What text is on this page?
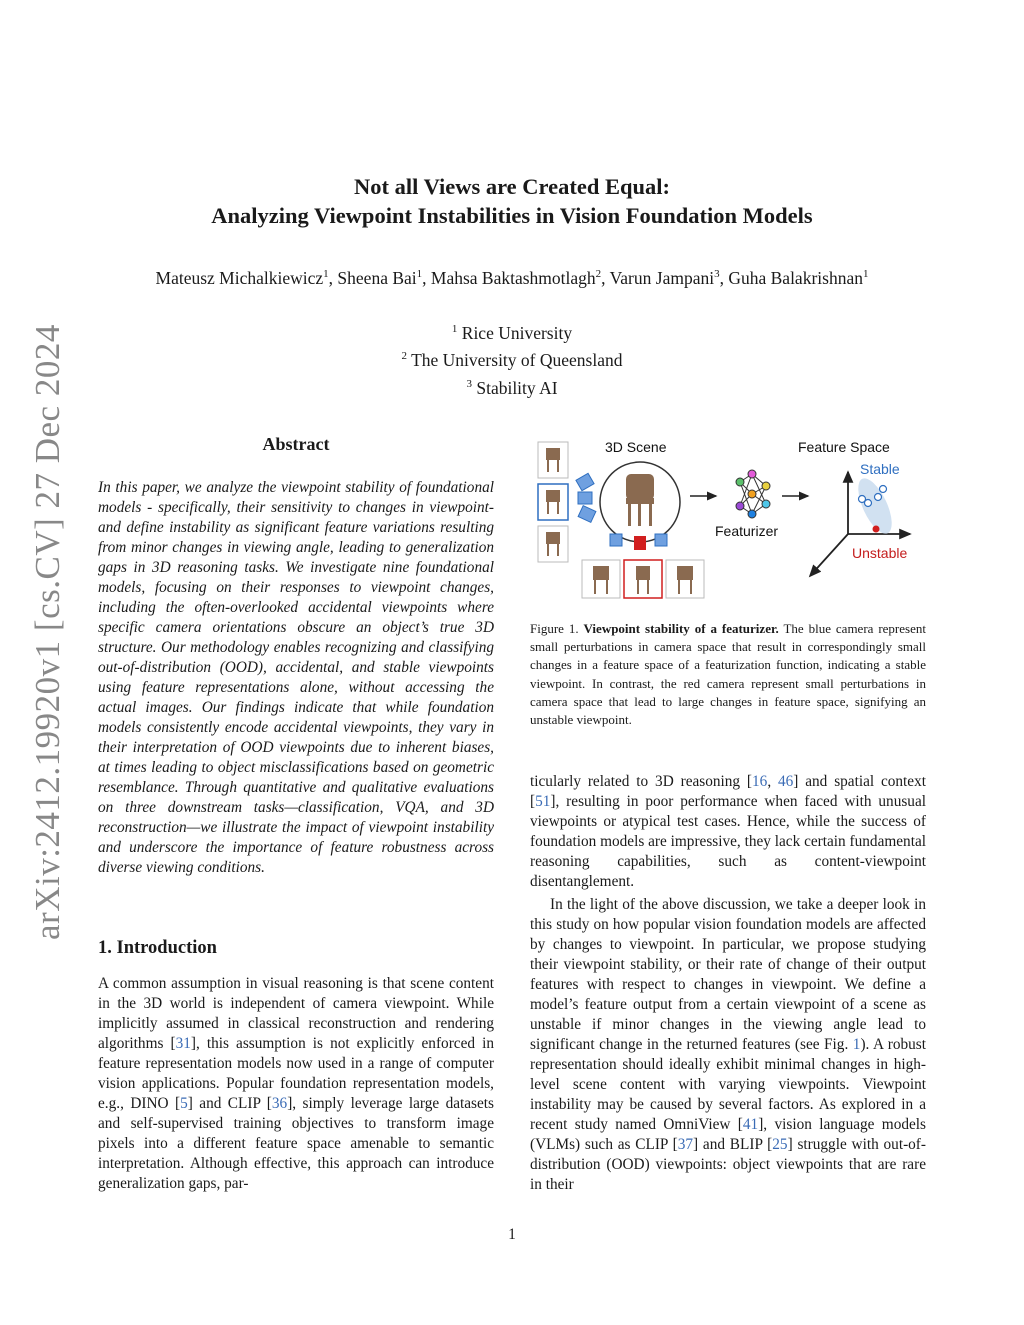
arXiv:2412.19920v1 [cs.CV] 27 Dec 2024
Not all Views are Created Equal:
Analyzing Viewpoint Instabilities in Vision Foundation Models
Mateusz Michalkiewicz$^1$, Sheena Bai$^1$, Mahsa Baktashmotlagh$^2$, Varun Jampani$^3$, Guha Balakrishnan$^1$
$^1$ Rice University
$^2$ The University of Queensland
$^3$ Stability AI
Abstract
In this paper, we analyze the viewpoint stability of foundational models - specifically, their sensitivity to changes in viewpoint- and define instability as significant feature variations resulting from minor changes in viewing angle, leading to generalization gaps in 3D reasoning tasks. We investigate nine foundational models, focusing on their responses to viewpoint changes, including the often-overlooked accidental viewpoints where specific camera orientations obscure an object’s true 3D structure. Our methodology enables recognizing and classifying out-of-distribution (OOD), accidental, and stable viewpoints using feature representations alone, without accessing the actual images. Our findings indicate that while foundation models consistently encode accidental viewpoints, they vary in their interpretation of OOD viewpoints due to inherent biases, at times leading to object misclassifications based on geometric resemblance. Through quantitative and qualitative evaluations on three downstream tasks—classification, VQA, and 3D reconstruction—we illustrate the impact of viewpoint instability and underscore the importance of feature robustness across diverse viewing conditions.
1. Introduction
A common assumption in visual reasoning is that scene content in the 3D world is independent of camera viewpoint. While implicitly assumed in classical reconstruction and rendering algorithms [31], this assumption is not explicitly enforced in feature representation models now used in a range of computer vision applications. Popular foundation representation models, e.g., DINO [5] and CLIP [36], simply leverage large datasets and self-supervised training objectives to transform image pixels into a different feature space amenable to semantic interpretation. Although effective, this approach can introduce generalization gaps, par-
3D Scene
Featurizer
Feature Space
Stable
Unstable
Figure 1. Viewpoint stability of a featurizer. The blue camera represent small perturbations in camera space that result in correspondingly small changes in a feature space of a featurization function, indicating a stable viewpoint. In contrast, the red camera represent small perturbations in camera space that lead to large changes in feature space, signifying an unstable viewpoint.
ticularly related to 3D reasoning [16, 46] and spatial context [51], resulting in poor performance when faced with unusual viewpoints or atypical test cases. Hence, while the success of foundation models are impressive, they lack certain fundamental reasoning capabilities, such as content-viewpoint disentanglement.
In the light of the above discussion, we take a deeper look in this study on how popular vision foundation models are affected by changes to viewpoint. In particular, we propose studying their viewpoint stability, or their rate of change of their output features with respect to changes in viewpoint. We define a model’s feature output from a certain viewpoint of a scene as unstable if minor changes in the viewing angle lead to significant change in the returned features (see Fig. 1). A robust representation should ideally exhibit minimal changes in high-level scene content with varying viewpoints. Viewpoint instability may be caused by several factors. As explored in a recent study named OmniView [41], vision language models (VLMs) such as CLIP [37] and BLIP [25] struggle with out-of-distribution (OOD) viewpoints: object viewpoints that are rare in their
1
